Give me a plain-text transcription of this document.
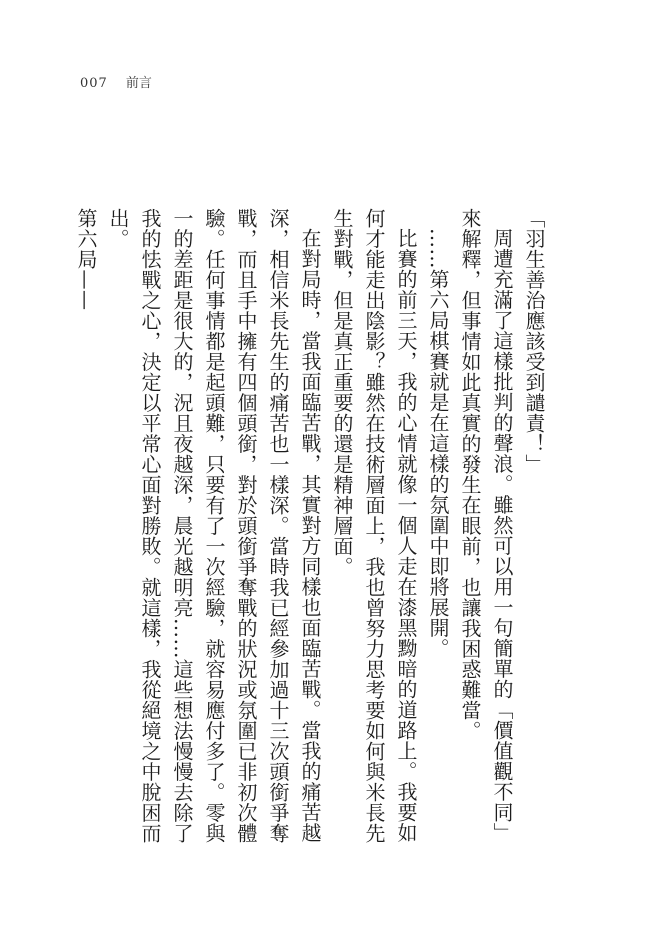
007 前言

「羽生善治應該受到譴責！」

周遭充滿了這樣批判的聲浪。雖然可以用一句簡單的「價值觀不同」來解釋，但事情如此真實的發生在眼前，也讓我困惑難當。

……第六局棋賽就是在這樣的氛圍中即將展開。

比賽的前三天，我的心情就像一個人走在漆黑黝暗的道路上。我要如何才能走出陰影？雖然在技術層面上，我也曾努力思考要如何與米長先生對戰，但是真正重要的還是精神層面。

在對局時，當我面臨苦戰，其實對方同樣也面臨苦戰。當我的痛苦越深，相信米長先生的痛苦也一樣深。當時我已經參加過十三次頭銜爭奪戰，而且手中擁有四個頭銜，對於頭銜爭奪戰的狀況或氛圍已非初次體驗。任何事情都是起頭難，只要有了一次經驗，就容易應付多了。零與一的差距是很大的，況且夜越深，晨光越明亮……這些想法慢慢去除了我的怯戰之心，決定以平常心面對勝敗。就這樣，我從絕境之中脫困而出。

第六局——
